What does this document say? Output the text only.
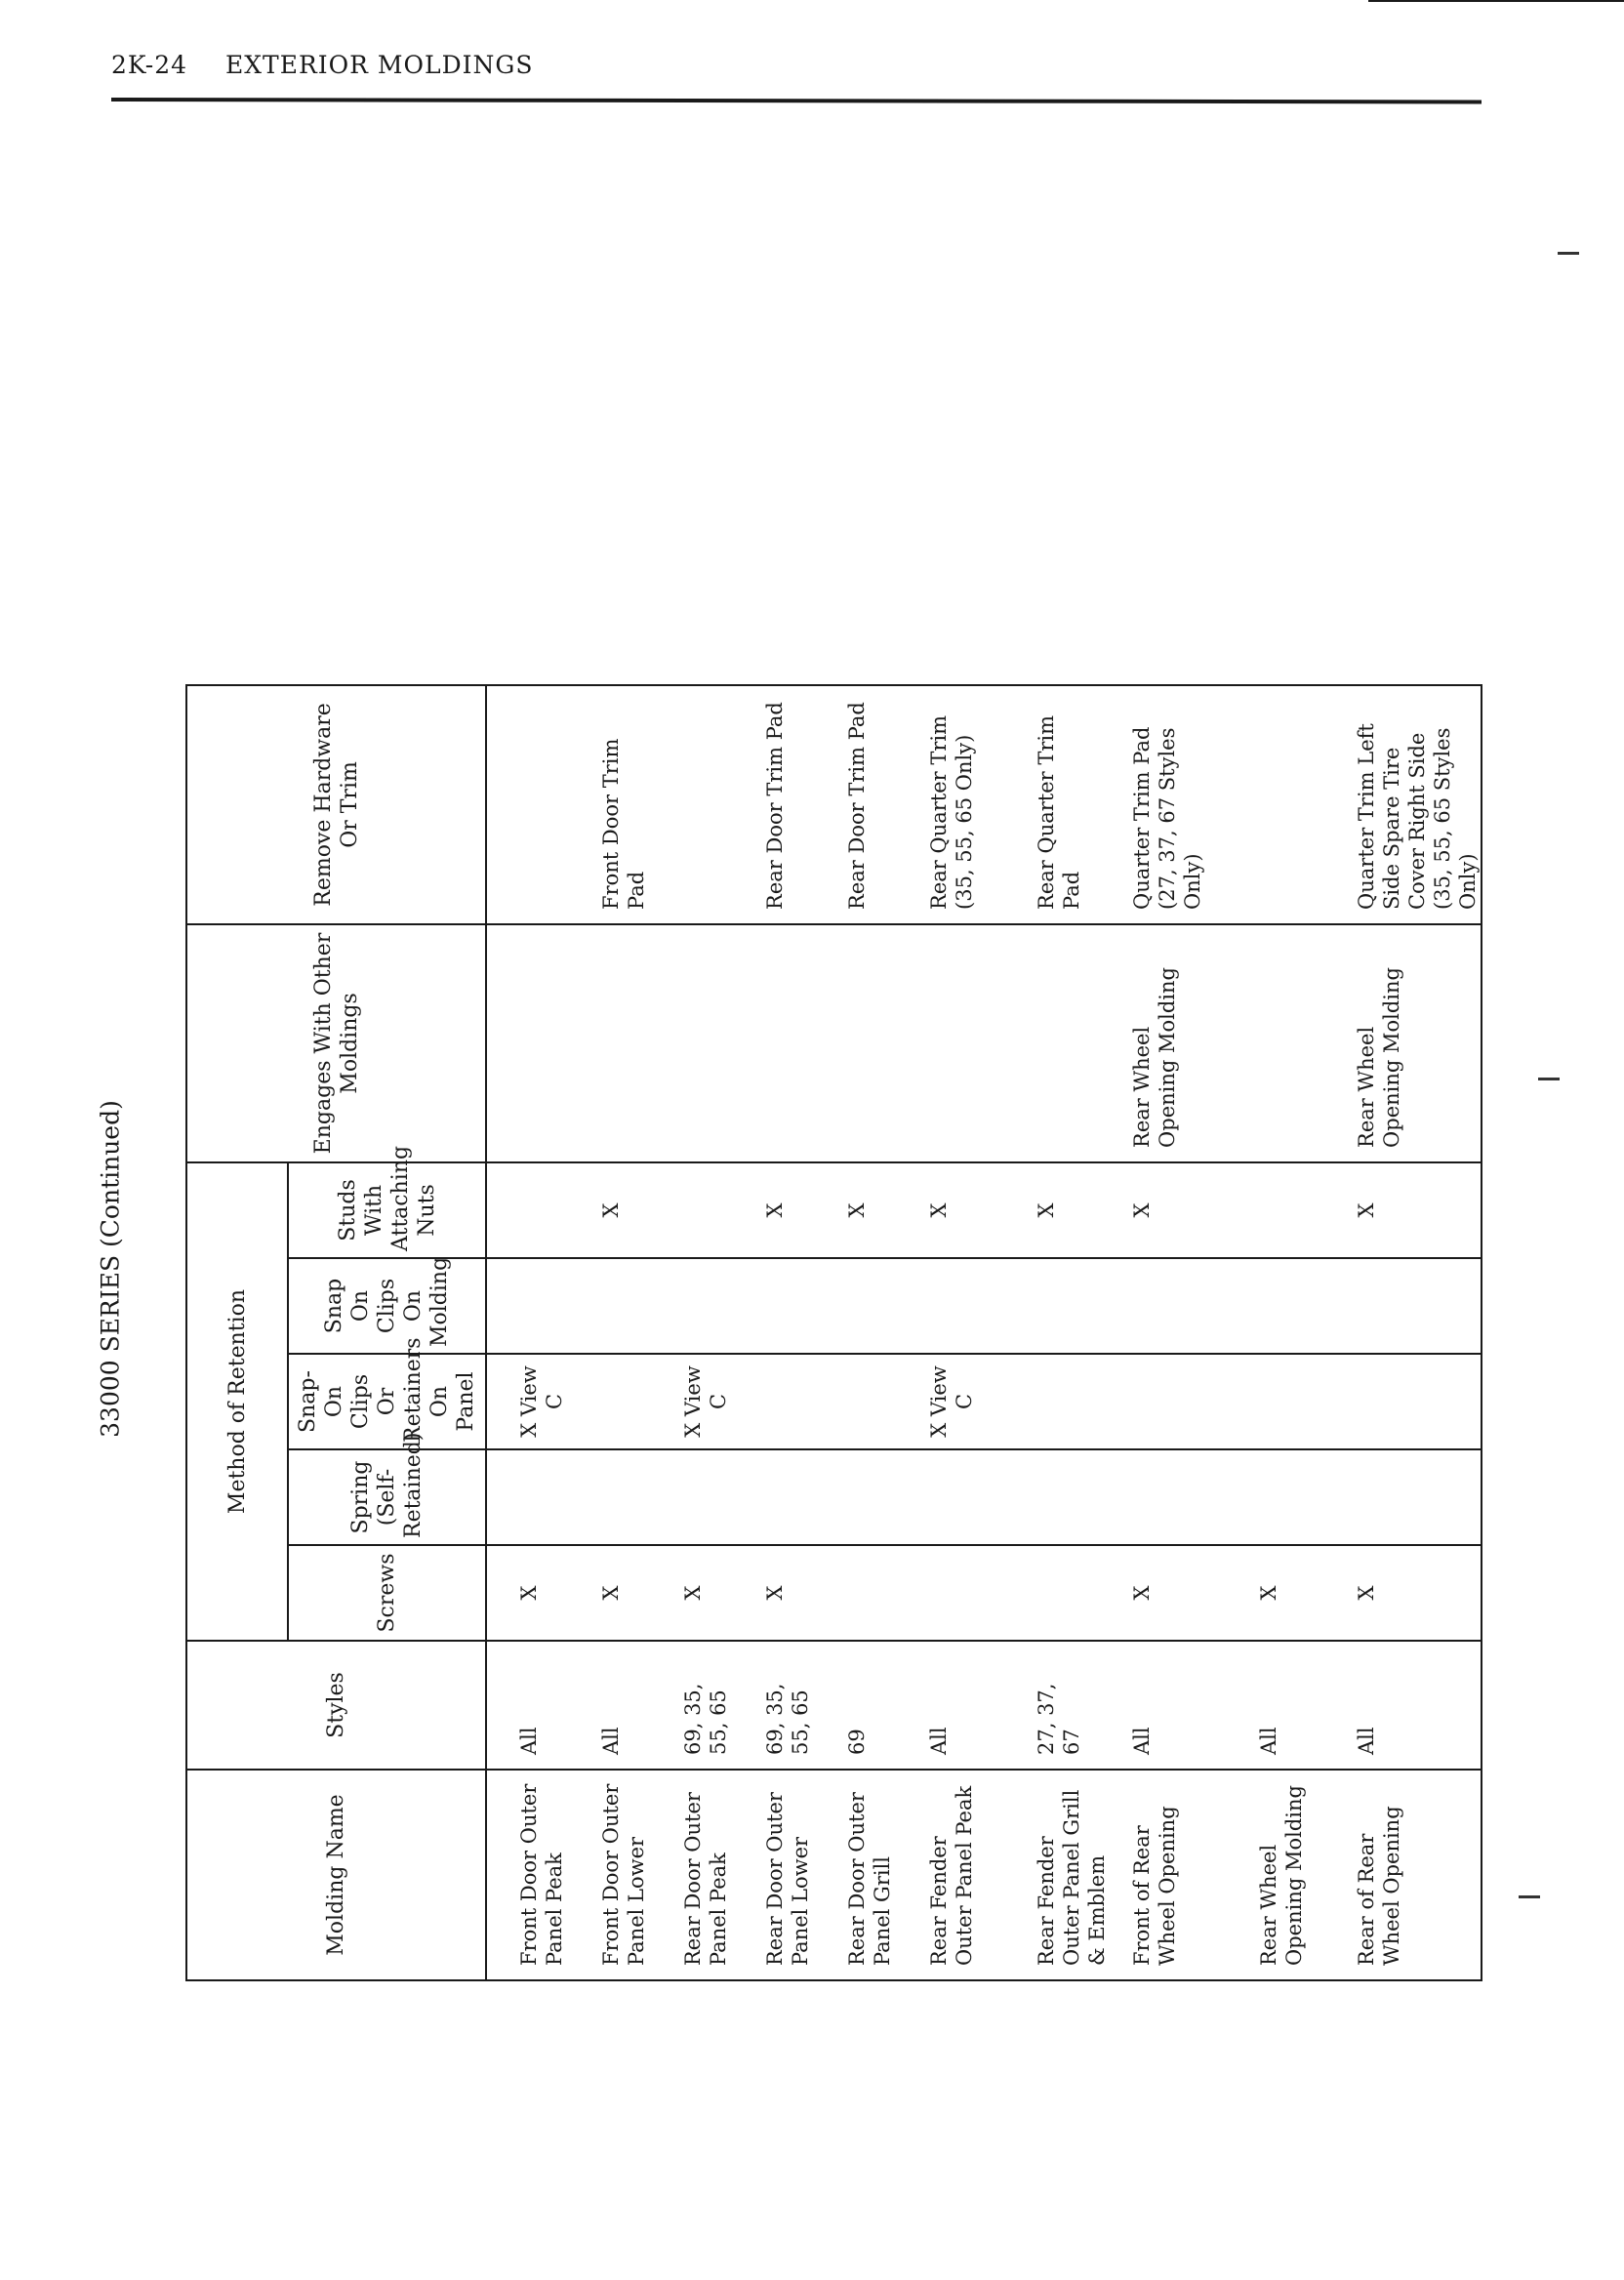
2K-24 EXTERIOR MOLDINGS
33000 SERIES (Continued)
Molding Name	Styles	Method of Retention					Engages With Other Moldings	Remove Hardware Or Trim
		Screws	Spring (Self-Retained)	Snap-On Clips Or Retainers On Panel	Snap On Clips On Molding	Studs With Attaching Nuts		
Front Door Outer Panel Peak	All	X		X View C				
Front Door Outer Panel Lower	All	X				X		Front Door Trim Pad
Rear Door Outer Panel Peak	69, 35, 55, 65	X		X View C				
Rear Door Outer Panel Lower	69, 35, 55, 65	X				X		Rear Door Trim Pad
Rear Door Outer Panel Grill	69					X		Rear Door Trim Pad
Rear Fender Outer Panel Peak	All			X View C		X		Rear Quarter Trim (35, 55, 65 Only)
Rear Fender Outer Panel Grill & Emblem	27, 37, 67					X		Rear Quarter Trim Pad
Front of Rear Wheel Opening	All	X				X	Rear Wheel Opening Molding	Quarter Trim Pad (27, 37, 67 Styles Only)
Rear Wheel Opening Molding	All	X						
Rear of Rear Wheel Opening	All	X				X	Rear Wheel Opening Molding	Quarter Trim Left Side Spare Tire Cover Right Side (35, 55, 65 Styles Only)
